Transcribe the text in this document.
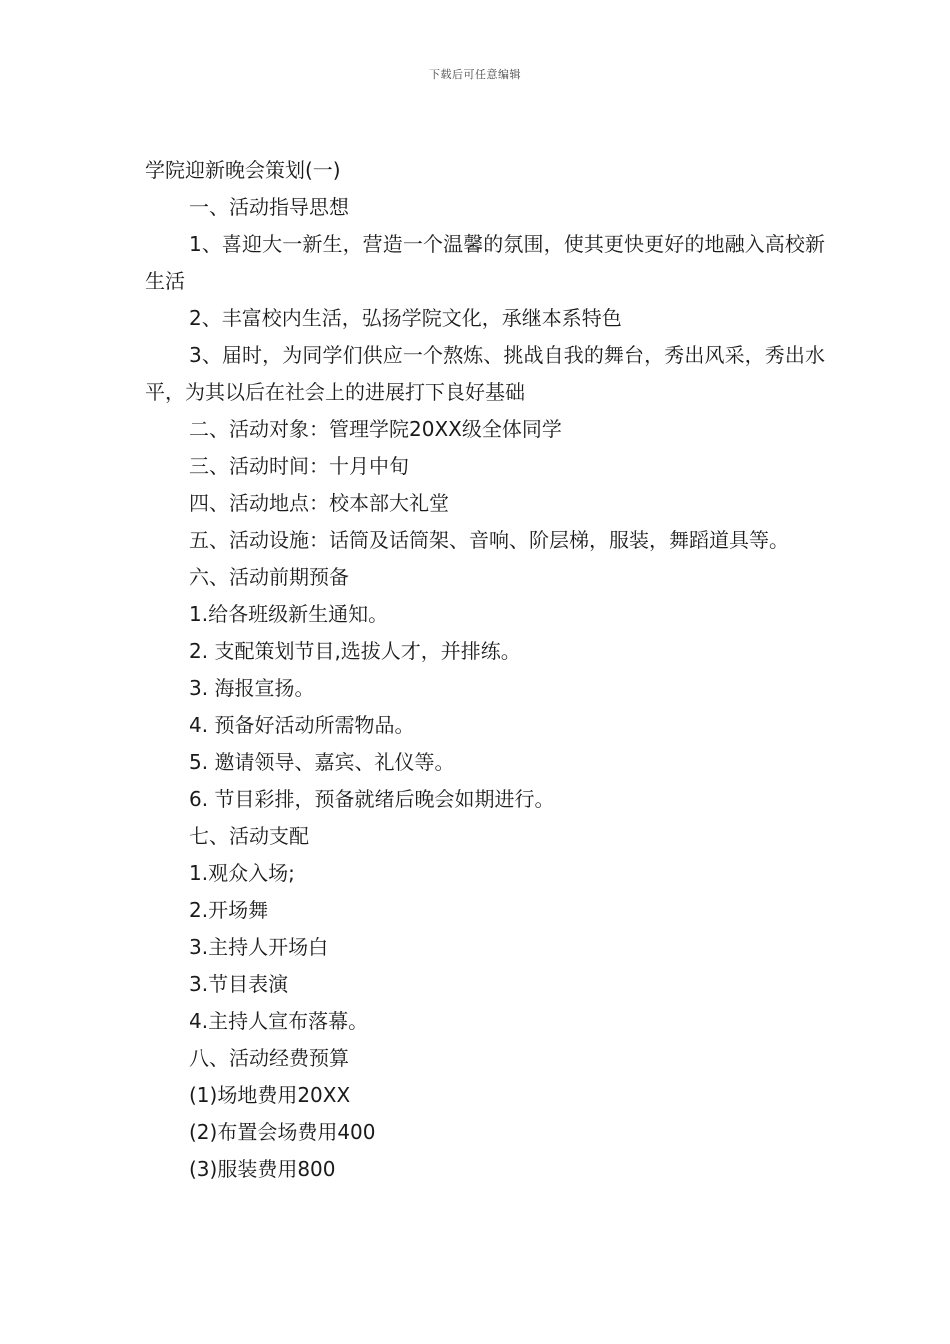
下载后可任意编辑
学院迎新晚会策划(一)
一、活动指导思想
1、喜迎大一新生，营造一个温馨的氛围，使其更快更好的地融入高校新生活
2、丰富校内生活，弘扬学院文化，承继本系特色
3、届时，为同学们供应一个熬炼、挑战自我的舞台，秀出风采，秀出水平，为其以后在社会上的进展打下良好基础
二、活动对象：管理学院20XX级全体同学
三、活动时间：十月中旬
四、活动地点：校本部大礼堂
五、活动设施：话筒及话筒架、音响、阶层梯，服装，舞蹈道具等。
六、活动前期预备
1.给各班级新生通知。
2. 支配策划节目,选拔人才，并排练。
3. 海报宣扬。
4. 预备好活动所需物品。
5. 邀请领导、嘉宾、礼仪等。
6. 节目彩排，预备就绪后晚会如期进行。
七、活动支配
1.观众入场;
2.开场舞
3.主持人开场白
3.节目表演
4.主持人宣布落幕。
八、活动经费预算
(1)场地费用20XX
(2)布置会场费用400
(3)服装费用800
